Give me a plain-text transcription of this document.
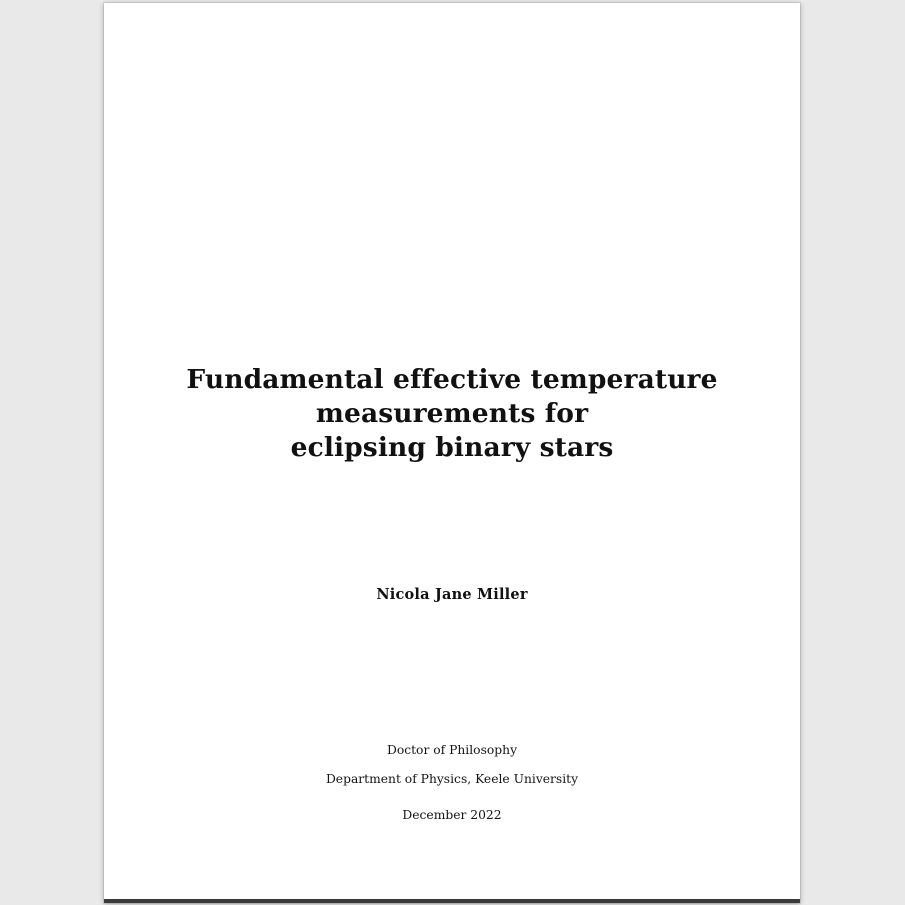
Fundamental effective temperature
measurements for
eclipsing binary stars
Nicola Jane Miller
Doctor of Philosophy
Department of Physics, Keele University
December 2022
